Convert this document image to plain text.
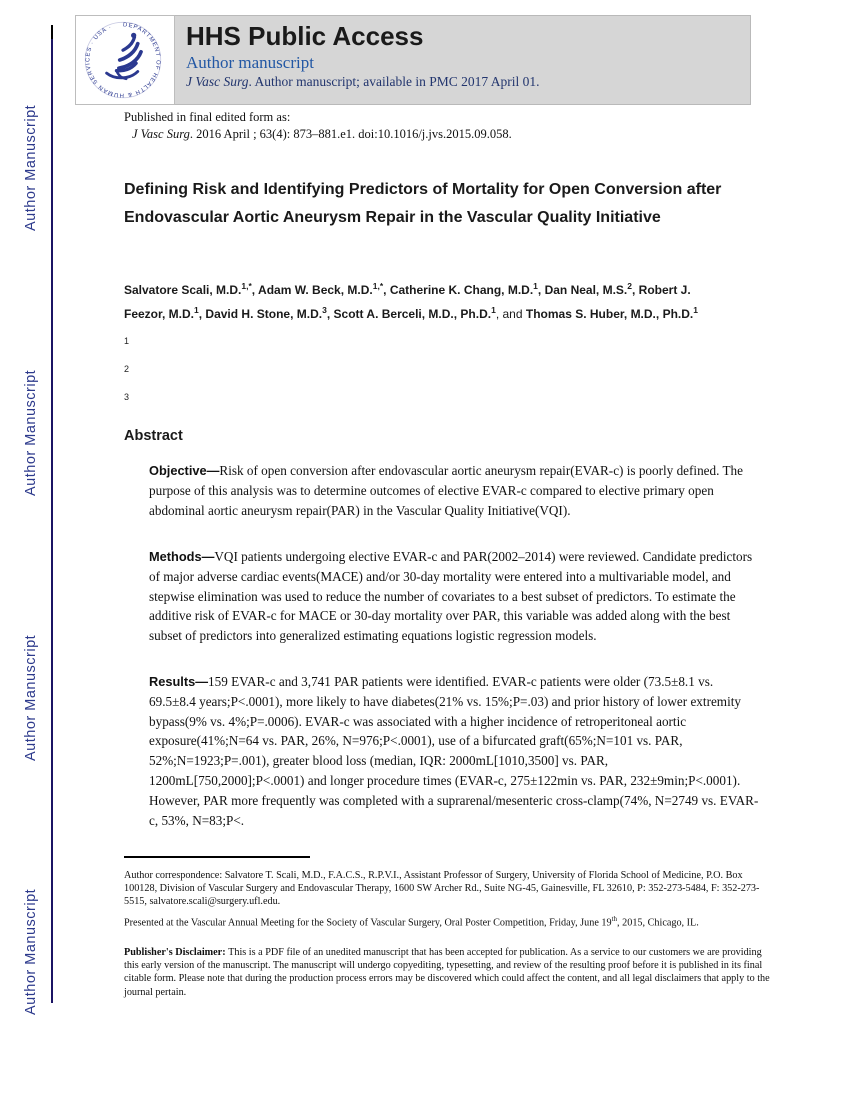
Author Manuscript
Author Manuscript
Author Manuscript
Author Manuscript
DEPARTMENT OF HEALTH & HUMAN SERVICES · USA ·	HHS Public Access
Author manuscript
J Vasc Surg. Author manuscript; available in PMC 2017 April 01.
Published in final edited form as:
J Vasc Surg. 2016 April ; 63(4): 873–881.e1. doi:10.1016/j.jvs.2015.09.058.
Defining Risk and Identifying Predictors of Mortality for Open Conversion after Endovascular Aortic Aneurysm Repair in the Vascular Quality Initiative
Salvatore Scali, M.D.$^{1,*}$, Adam W. Beck, M.D.$^{1,*}$, Catherine K. Chang, M.D.$^1$, Dan Neal, M.S.$^2$, Robert J. Feezor, M.D.$^1$, David H. Stone, M.D.$^3$, Scott A. Berceli, M.D., Ph.D.$^1$, and Thomas S. Huber, M.D., Ph.D.$^1$
1
2
3
Abstract

Objective—Risk of open conversion after endovascular aortic aneurysm repair(EVAR-c) is poorly defined. The purpose of this analysis was to determine outcomes of elective EVAR-c compared to elective primary open abdominal aortic aneurysm repair(PAR) in the Vascular Quality Initiative(VQI).

Methods—VQI patients undergoing elective EVAR-c and PAR(2002–2014) were reviewed. Candidate predictors of major adverse cardiac events(MACE) and/or 30-day mortality were entered into a multivariable model, and stepwise elimination was used to reduce the number of covariates to a best subset of predictors. To estimate the additive risk of EVAR-c for MACE or 30-day mortality over PAR, this variable was added along with the best subset of predictors into generalized estimating equations logistic regression models.

Results—159 EVAR-c and 3,741 PAR patients were identified. EVAR-c patients were older (73.5±8.1 vs. 69.5±8.4 years;P<.0001), more likely to have diabetes(21% vs. 15%;P=.03) and prior history of lower extremity bypass(9% vs. 4%;P=.0006). EVAR-c was associated with a higher incidence of retroperitoneal aortic exposure(41%;N=64 vs. PAR, 26%, N=976;P<.0001), use of a bifurcated graft(65%;N=101 vs. PAR, 52%;N=1923;P=.001), greater blood loss (median, IQR: 2000mL[1010,3500] vs. PAR, 1200mL[750,2000];P<.0001) and longer procedure times (EVAR-c, 275±122min vs. PAR, 232±9min;P<.0001). However, PAR more frequently was completed with a suprarenal/mesenteric cross-clamp(74%, N=2749 vs. EVAR-c, 53%, N=83;P<.

Author correspondence: Salvatore T. Scali, M.D., F.A.C.S., R.P.V.I., Assistant Professor of Surgery, University of Florida School of Medicine, P.O. Box 100128, Division of Vascular Surgery and Endovascular Therapy, 1600 SW Archer Rd., Suite NG-45, Gainesville, FL 32610, P: 352-273-5484, F: 352-273-5515, salvatore.scali@surgery.ufl.edu.

Presented at the Vascular Annual Meeting for the Society of Vascular Surgery, Oral Poster Competition, Friday, June 19th, 2015, Chicago, IL.

Publisher's Disclaimer: This is a PDF file of an unedited manuscript that has been accepted for publication. As a service to our customers we are providing this early version of the manuscript. The manuscript will undergo copyediting, typesetting, and review of the resulting proof before it is published in its final citable form. Please note that during the production process errors may be discovered which could affect the content, and all legal disclaimers that apply to the journal pertain.
